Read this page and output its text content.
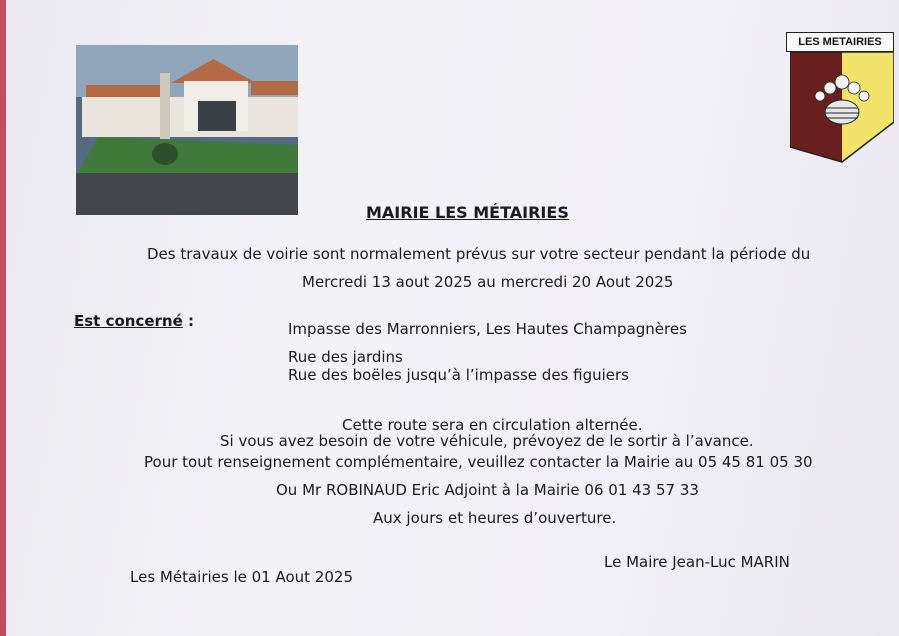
LES METAIRIES
MAIRIE LES MÉTAIRIES
Des travaux de voirie sont normalement prévus sur votre secteur pendant la période du
Mercredi 13 aout 2025 au mercredi 20 Aout 2025
Est concerné :	Impasse des Marronniers, Les Hautes Champagnères
Rue des jardins
Rue des boëles jusqu’à l’impasse des figuiers
Cette route sera en circulation alternée.
Si vous avez besoin de votre véhicule, prévoyez de le sortir à l’avance.
Pour tout renseignement complémentaire, veuillez contacter la Mairie au 05 45 81 05 30
Ou Mr ROBINAUD Eric Adjoint à la Mairie 06 01 43 57 33
Aux jours et heures d’ouverture.
Les Métairies le 01 Aout 2025
Le Maire Jean-Luc MARIN
